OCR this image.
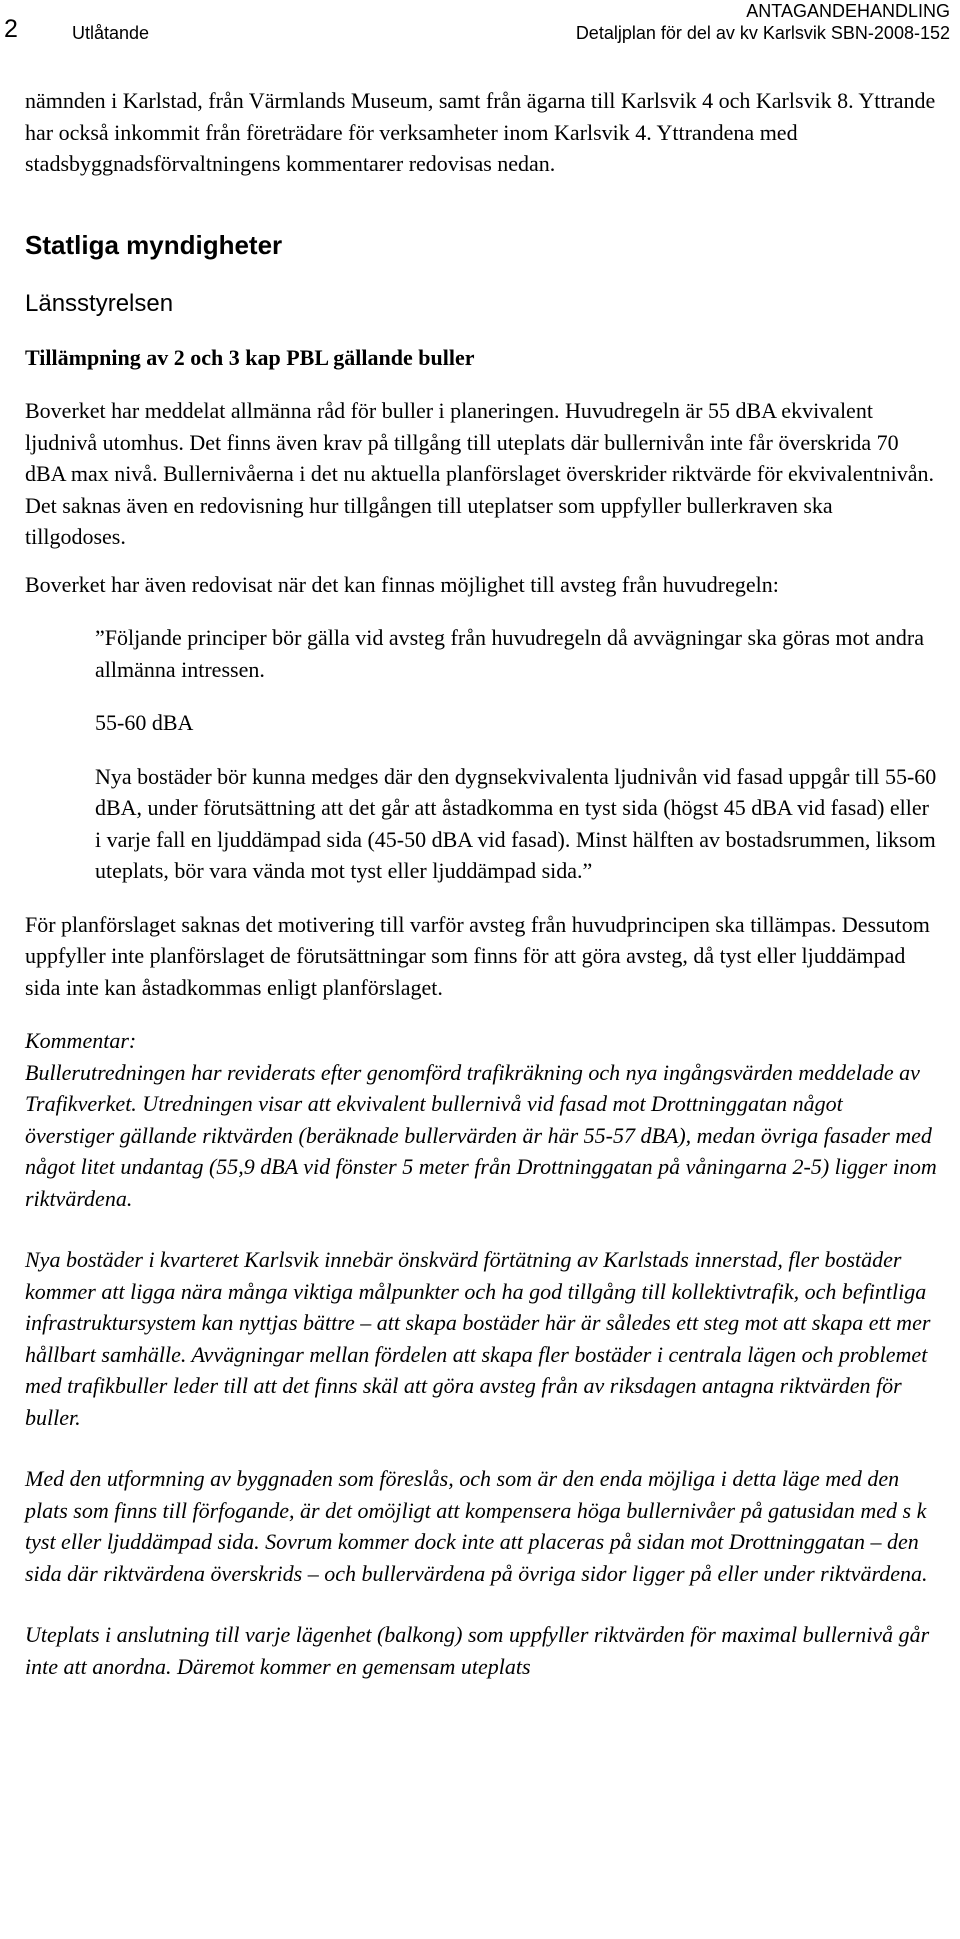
2	Utlåtande
ANTAGANDEHANDLING
Detaljplan för del av kv Karlsvik SBN-2008-152

nämnden i Karlstad, från Värmlands Museum, samt från ägarna till Karlsvik 4 och Karlsvik 8. Yttrande har också inkommit från företrädare för verksamheter inom Karlsvik 4. Yttrandena med stadsbyggnadsförvaltningens kommentarer redovisas nedan.

Statliga myndigheter

Länsstyrelsen

Tillämpning av 2 och 3 kap PBL gällande buller

Boverket har meddelat allmänna råd för buller i planeringen. Huvudregeln är 55 dBA ekvivalent ljudnivå utomhus. Det finns även krav på tillgång till uteplats där bullernivån inte får överskrida 70 dBA max nivå. Bullernivåerna i det nu aktuella planförslaget överskrider riktvärde för ekvivalentnivån. Det saknas även en redovisning hur tillgången till uteplatser som uppfyller bullerkraven ska tillgodoses.

Boverket har även redovisat när det kan finnas möjlighet till avsteg från huvudregeln:

”Följande principer bör gälla vid avsteg från huvudregeln då avvägningar ska göras mot andra allmänna intressen.

55-60 dBA

Nya bostäder bör kunna medges där den dygnsekvivalenta ljudnivån vid fasad uppgår till 55-60 dBA, under förutsättning att det går att åstadkomma en tyst sida (högst 45 dBA vid fasad) eller i varje fall en ljuddämpad sida (45-50 dBA vid fasad). Minst hälften av bostadsrummen, liksom uteplats, bör vara vända mot tyst eller ljuddämpad sida.”

För planförslaget saknas det motivering till varför avsteg från huvudprincipen ska tillämpas. Dessutom uppfyller inte planförslaget de förutsättningar som finns för att göra avsteg, då tyst eller ljuddämpad sida inte kan åstadkommas enligt planförslaget.

Kommentar:

Bullerutredningen har reviderats efter genomförd trafikräkning och nya ingångsvärden meddelade av Trafikverket. Utredningen visar att ekvivalent bullernivå vid fasad mot Drottninggatan något överstiger gällande riktvärden (beräknade bullervärden är här 55-57 dBA), medan övriga fasader med något litet undantag (55,9 dBA vid fönster 5 meter från Drottninggatan på våningarna 2-5) ligger inom riktvärdena.

Nya bostäder i kvarteret Karlsvik innebär önskvärd förtätning av Karlstads innerstad, fler bostäder kommer att ligga nära många viktiga målpunkter och ha god tillgång till kollektivtrafik, och befintliga infrastruktursystem kan nyttjas bättre – att skapa bostäder här är således ett steg mot att skapa ett mer hållbart samhälle. Avvägningar mellan fördelen att skapa fler bostäder i centrala lägen och problemet med trafikbuller leder till att det finns skäl att göra avsteg från av riksdagen antagna riktvärden för buller.

Med den utformning av byggnaden som föreslås, och som är den enda möjliga i detta läge med den plats som finns till förfogande, är det omöjligt att kompensera höga bullernivåer på gatusidan med s k tyst eller ljuddämpad sida. Sovrum kommer dock inte att placeras på sidan mot Drottninggatan – den sida där riktvärdena överskrids – och bullervärdena på övriga sidor ligger på eller under riktvärdena.

Uteplats i anslutning till varje lägenhet (balkong) som uppfyller riktvärden för maximal bullernivå går inte att anordna. Däremot kommer en gemensam uteplats
